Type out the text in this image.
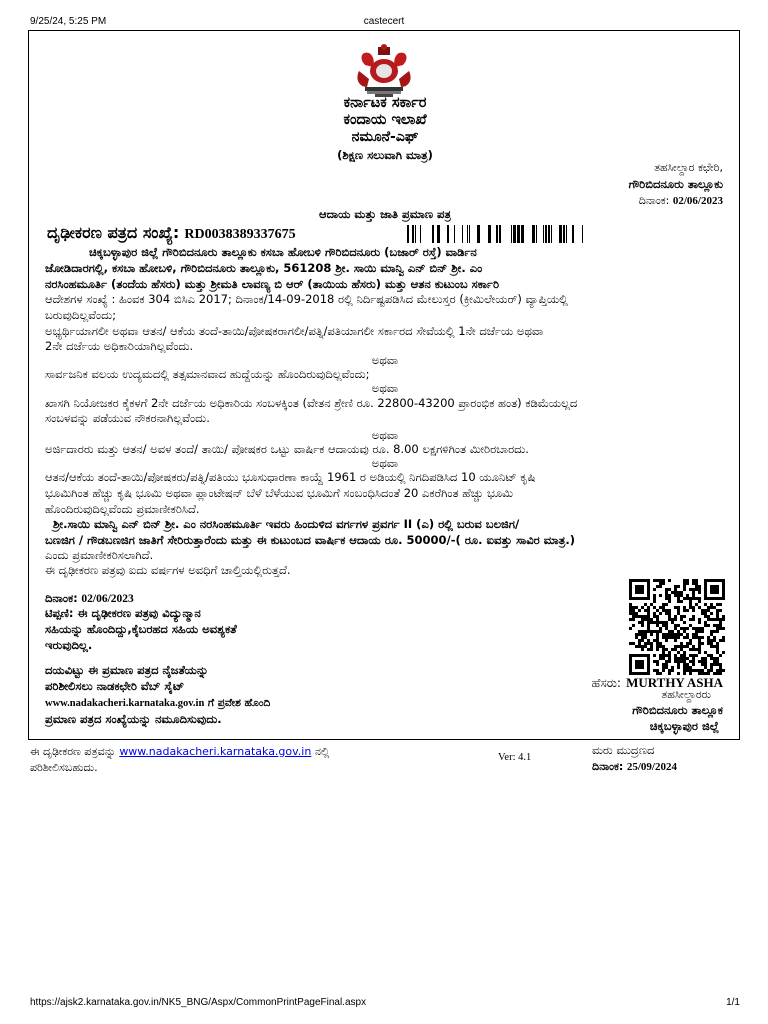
9/25/24, 5:25 PM	castecert
ಕರ್ನಾಟಕ ಸರ್ಕಾರ
ಕಂದಾಯ ಇಲಾಖೆ
ನಮೂನೆ-ಎಫ್
(ಶಿಕ್ಷಣ ಸಲುವಾಗಿ ಮಾತ್ರ)
ತಹಸೀಲ್ದಾರ ಕಛೇರಿ,
ಗೌರಿಬಿದನೂರು ತಾಲ್ಲೂಕು
ದಿನಾಂಕ: 02/06/2023
ಆದಾಯ ಮತ್ತು ಜಾತಿ ಪ್ರಮಾಣ ಪತ್ರ
ದೃಢೀಕರಣ ಪತ್ರದ ಸಂಖ್ಯೆ: RD0038389337675
ಚಿಕ್ಕಬಳ್ಳಾಪುರ ಜಿಲ್ಲೆ ಗೌರಿಬಿದನೂರು ತಾಲ್ಲೂಕು ಕಸಬಾ ಹೋಬಳಿ ಗೌರಿಬಿದನೂರು (ಬಜಾರ್ ರಸ್ತೆ) ವಾರ್ಡಿನ
ಜೋಡಿದಾರಗಲ್ಲಿ, ಕಸಬಾ ಹೋಬಳಿ, ಗೌರಿಬಿದನೂರು ತಾಲ್ಲೂಕು, 561208 ಶ್ರೀ. ಸಾಯಿ ಮಾನ್ವಿ ಎನ್ ಬಿನ್ ಶ್ರೀ. ಎಂ
ನರಸಿಂಹಮೂರ್ತಿ (ತಂದೆಯ ಹೆಸರು) ಮತ್ತು ಶ್ರೀಮತಿ ಲಾವಣ್ಯ ಬಿ ಆರ್ (ತಾಯಿಯ ಹೆಸರು) ಮತ್ತು ಆತನ ಕುಟುಂಬ ಸರ್ಕಾರಿ
ಆದೇಶಗಳ ಸಂಖ್ಯೆ : ಹಿಂವಕ 304 ಬಿಸಿಎ 2017; ದಿನಾಂಕ/14-09-2018 ರಲ್ಲಿ ನಿರ್ದಿಷ್ಟಪಡಿಸಿದ ಮೇಲುಸ್ತರ (ಕ್ರೀಮಿಲೇಯರ್) ವ್ಯಾಪ್ತಿಯಲ್ಲಿ
ಬರುವುದಿಲ್ಲವೆಂದು;
ಅಭ್ಯರ್ಥಿಯಾಗಲೀ ಅಥವಾ ಆತನ/ ಆಕೆಯ ತಂದೆ-ತಾಯಿ/ಪೋಷಕರಾಗಲೀ/ಪತ್ನಿ/ಪತಿಯಾಗಲೀ ಸರ್ಕಾರದ ಸೇವೆಯಲ್ಲಿ 1ನೇ ದರ್ಜೆಯ ಅಥವಾ
2ನೇ ದರ್ಜೆಯ ಅಧಿಕಾರಿಯಾಗಿಲ್ಲವೆಂದು.
ಅಥವಾ
ಸಾರ್ವಜನಿಕ ವಲಯ ಉದ್ಯಮದಲ್ಲಿ ತತ್ಸಮಾನವಾದ ಹುದ್ದೆಯನ್ನು ಹೊಂದಿರುವುದಿಲ್ಲವೆಂದು;
ಅಥವಾ
ಖಾಸಗಿ ನಿಯೋಜಕರ ಕೈಕಳಗೆ 2ನೇ ದರ್ಜೆಯ ಅಧಿಕಾರಿಯ ಸಂಬಳಕ್ಕಿಂತ (ವೇತನ ಶ್ರೇಣಿ ರೂ. 22800-43200 ಪ್ರಾರಂಭಿಕ ಹಂತ) ಕಡಿಮೆಯಲ್ಲದ
ಸಂಬಳವನ್ನು ಪಡೆಯುವ ನೌಕರನಾಗಿಲ್ಲವೆಂದು.
ಅಥವಾ
ಅರ್ಜಿದಾರರು ಮತ್ತು ಆತನ/ ಅವಳ ತಂದೆ/ ತಾಯಿ/ ಪೋಷಕರ ಒಟ್ಟು ವಾರ್ಷಿಕ ಆದಾಯವು ರೂ. 8.00 ಲಕ್ಷಗಳಿಗಿಂತ ಮೀರಿರಬಾರದು.
ಅಥವಾ
ಆತನ/ಆಕೆಯ ತಂದೆ-ತಾಯಿ/ಪೋಷಕರು/ಪತ್ನಿ/ಪತಿಯು ಭೂಸುಧಾರಣಾ ಕಾಯ್ದೆ 1961 ರ ಅಡಿಯಲ್ಲಿ ನಿಗದಿಪಡಿಸಿದ 10 ಯೂನಿಟ್ ಕೃಷಿ
ಭೂಮಿಗಿಂತ ಹೆಚ್ಚು ಕೃಷಿ ಭೂಮಿ ಅಥವಾ ಪ್ಲಾಂಟೇಷನ್ ಬೆಳೆ ಬೆಳೆಯುವ ಭೂಮಿಗೆ ಸಂಬಂಧಿಸಿದಂತೆ 20 ಎಕರೆಗಿಂತ ಹೆಚ್ಚು ಭೂಮಿ
ಹೊಂದಿರುವುದಿಲ್ಲವೆಂದು ಪ್ರಮಾಣೀಕರಿಸಿದೆ.
ಶ್ರೀ.ಸಾಯಿ ಮಾನ್ವಿ ಎನ್ ಬಿನ್ ಶ್ರೀ. ಎಂ ನರಸಿಂಹಮೂರ್ತಿ ಇವರು ಹಿಂದುಳಿದ ವರ್ಗಗಳ ಪ್ರವರ್ಗ II (ಎ) ರಲ್ಲಿ ಬರುವ ಬಲಜಿಗ/
ಬಣಜಿಗ / ಗೌಡಬಣಜಿಗ ಜಾತಿಗೆ ಸೇರಿರುತ್ತಾರೆಂದು ಮತ್ತು ಈ ಕುಟುಂಬದ ವಾರ್ಷಿಕ ಆದಾಯ ರೂ. 50000/-( ರೂ. ಐವತ್ತು ಸಾವಿರ ಮಾತ್ರ.)
ಎಂದು ಪ್ರಮಾಣೀಕರಿಸಲಾಗಿದೆ.
ಈ ದೃಢೀಕರಣ ಪತ್ರವು ಐದು ವರ್ಷಗಳ ಅವಧಿಗೆ ಚಾಲ್ತಿಯಲ್ಲಿರುತ್ತದೆ.
ದಿನಾಂಕ: 02/06/2023
ಟಿಪ್ಪಣಿ: ಈ ದೃಢೀಕರಣ ಪತ್ರವು ವಿದ್ಯುನ್ಮಾನ
ಸಹಿಯನ್ನು ಹೊಂದಿದ್ದು,ಕೈಬರಹದ ಸಹಿಯ ಅವಶ್ಯಕತೆ
ಇರುವುದಿಲ್ಲ.
ದಯವಿಟ್ಟು ಈ ಪ್ರಮಾಣ ಪತ್ರದ ನೈಜತೆಯನ್ನು
ಪರಿಶೀಲಿಸಲು ನಾಡಕಛೇರಿ ವೆಬ್ ಸೈಟ್
www.nadakacheri.karnataka.gov.in ಗೆ ಪ್ರವೇಶ ಹೊಂದಿ
ಪ್ರಮಾಣ ಪತ್ರದ ಸಂಖ್ಯೆಯನ್ನು ನಮೂದಿಸುವುದು.
ಹೆಸರು: MURTHY ASHA
ತಹಸೀಲ್ದಾರರು
ಗೌರಿಬಿದನೂರು ತಾಲ್ಲೂಕ
ಚಿಕ್ಕಬಳ್ಳಾಪುರ ಜಿಲ್ಲೆ
ಈ ದೃಢೀಕರಣ ಪತ್ರವನ್ನು www.nadakacheri.karnataka.gov.in ನಲ್ಲಿ
ಪರಿಶೀಲಿಸಬಹುದು.
Ver: 4.1
ಮರು ಮುದ್ರಣದ
ದಿನಾಂಕ: 25/09/2024
https://ajsk2.karnataka.gov.in/NK5_BNG/Aspx/CommonPrintPageFinal.aspx	1/1
